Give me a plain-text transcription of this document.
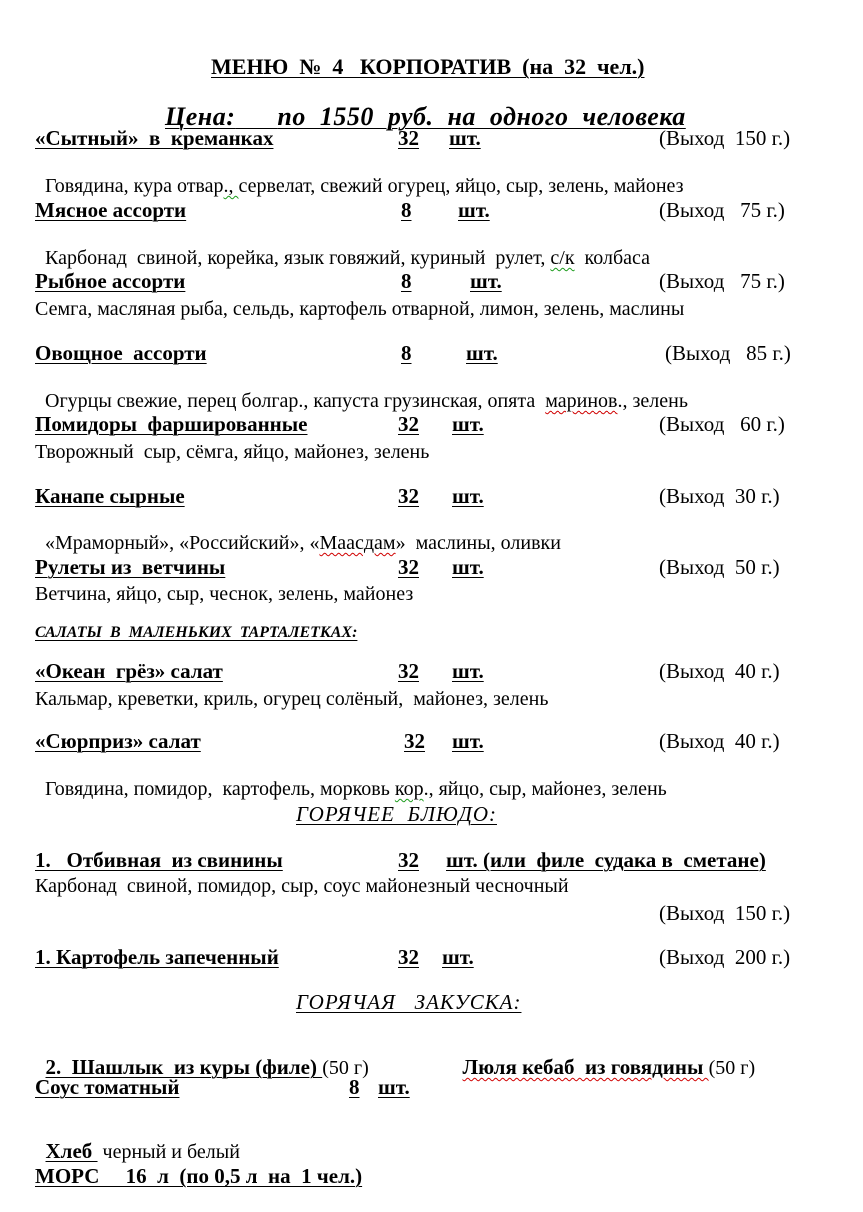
МЕНЮ  №  4   КОРПОРАТИВ  (на  32  чел.)

Цена: по  1550  руб.  на  одного  человека

«Сытный»  в  креманках	32 шт.	(Выход  150 г.)

Говядина, кура отвар., сервелат, свежий огурец, яйцо, сыр, зелень, майонез

Мясное ассорти	8 шт.	(Выход   75 г.)

Карбонад  свиной, корейка, язык говяжий, куриный  рулет, с/к  колбаса

Рыбное ассорти	8	шт.	(Выход   75 г.)
Семга, масляная рыба, сельдь, картофель отварной, лимон, зелень, маслины
Овощное  ассорти	8	шт.	(Выход   85 г.)

Огурцы свежие, перец болгар., капуста грузинская, опята  маринов., зелень

Помидоры  фаршированные	32 шт.	(Выход   60 г.)
Творожный  сыр, сёмга, яйцо, майонез, зелень
Канапе сырные	32 шт.	(Выход  30 г.)

«Мраморный», «Российский», «Маасдам»  маслины, оливки

Рулеты из  ветчины	32 шт.	(Выход  50 г.)
Ветчина, яйцо, сыр, чеснок, зелень, майонез
САЛАТЫ  В  МАЛЕНЬКИХ  ТАРТАЛЕТКАХ:
«Океан  грёз» салат	32 шт.	(Выход  40 г.)
Кальмар, креветки, криль, огурец солёный,  майонез, зелень
«Сюрприз» салат	32 шт.	(Выход  40 г.)

Говядина, помидор,  картофель, морковь кор., яйцо, сыр, майонез, зелень

ГОРЯЧЕЕ  БЛЮДО:
1.   Отбивная  из свинины	32 шт. (или  филе  судака в  сметане)
Карбонад  свиной, помидор, сыр, соус майонезный чесночный
(Выход  150 г.)
1. Картофель запеченный	32 шт.	(Выход  200 г.)
ГОРЯЧАЯ   ЗАКУСКА:

2.  Шашлык  из куры (филе) (50 г)	Люля кебаб  из говядины (50 г)

Соус томатный	8 шт.

Хлеб  черный и белый

МОРС     16  л  (по 0,5 л  на  1 чел.)
